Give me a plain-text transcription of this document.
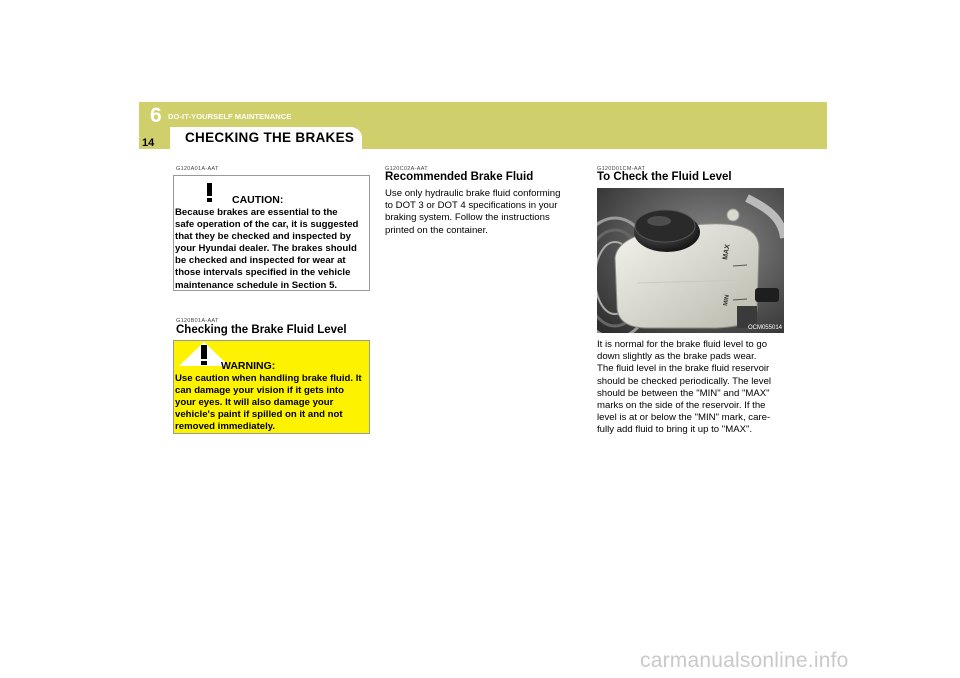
6 DO-IT-YOURSELF MAINTENANCE
14 CHECKING THE BRAKES
G120A01A-AAT
CAUTION:
Because brakes are essential to the
safe operation of the car, it is suggested
that they be checked and inspected by
your Hyundai dealer. The brakes should
be checked and inspected for wear at
those intervals specified in the vehicle
maintenance schedule in Section 5.
G120B01A-AAT
Checking the Brake Fluid Level
WARNING:
Use caution when handling brake fluid. It
can damage your vision if it gets into
your eyes. It will also damage your
vehicle's paint if spilled on it and not
removed immediately.
G120C02A-AAT
Recommended Brake Fluid
Use only hydraulic brake fluid conforming
to DOT 3 or DOT 4 specifications in your
braking system. Follow the instructions
printed on the container.
G120D01CM-AAT
To Check the Fluid Level
MAX
MIN
OCM055014
It is normal for the brake fluid level to go
down slightly as the brake pads wear.
The fluid level in the brake fluid reservoir
should be checked periodically. The level
should be between the "MIN" and "MAX"
marks on the side of the reservoir. If the
level is at or below the "MIN" mark, care-
fully add fluid to bring it up to "MAX".
carmanualsonline.info
